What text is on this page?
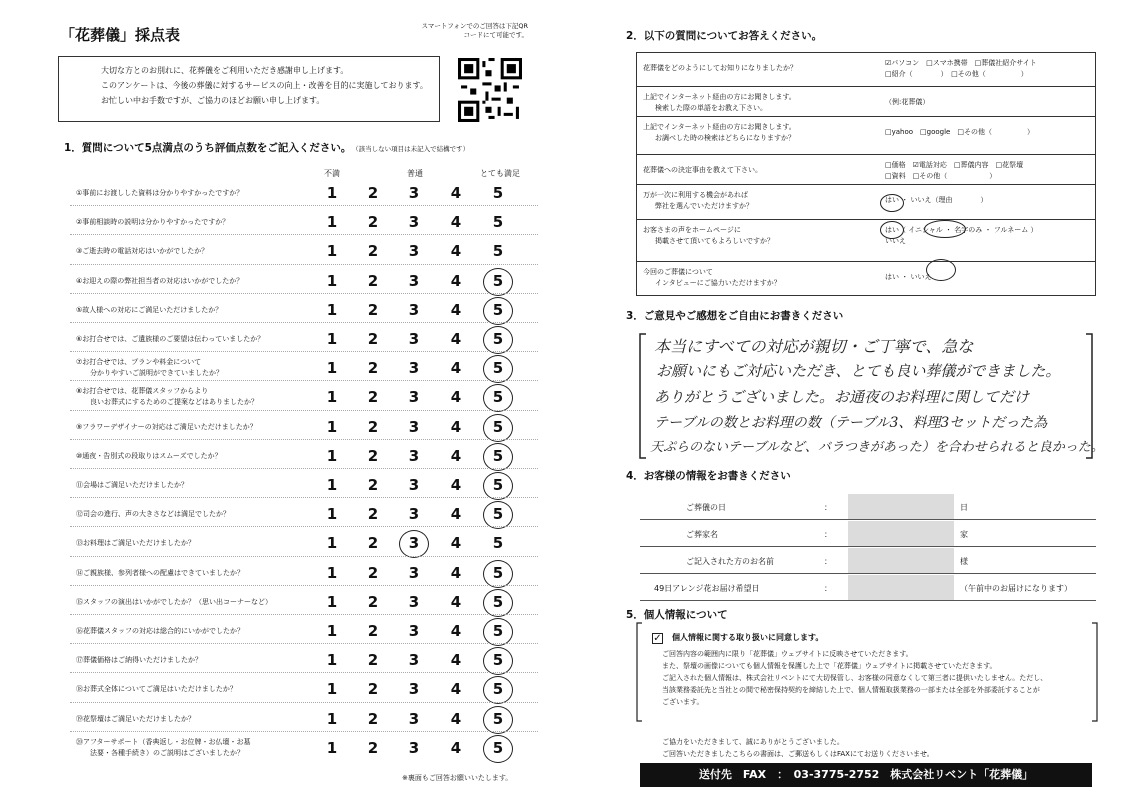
「花葬儀」採点表	スマートフォンでのご回答は下記QRコードにて可能です。
大切な方とのお別れに、花葬儀をご利用いただき感謝申し上げます。
このアンケートは、今後の葬儀に対するサービスの向上・改善を目的に実施しております。
お忙しい中お手数ですが、ご協力のほどお願い申し上げます。
1．質問について5点満点のうち評価点数をご記入ください。 （該当しない項目は未記入で結構です）
不満	普通	とても満足
①事前にお渡しした資料は分かりやすかったですか？	1	2	3	4	5
②事前相談時の説明は分かりやすかったですか？	1	2	3	4	5
③ご逝去時の電話対応はいかがでしたか？	1	2	3	4	5
④お迎えの際の弊社担当者の対応はいかがでしたか？	1	2	3	4	5
⑤故人様への対応にご満足いただけましたか？	1	2	3	4	5
⑥お打合せでは、ご遺族様のご要望は伝わっていましたか？	1	2	3	4	5
⑦お打合せでは、プランや料金について
分かりやすいご説明ができていましたか？	1	2	3	4	5
⑧お打合せでは、花葬儀スタッフからより
良いお葬式にするためのご提案などはありましたか？	1	2	3	4	5
⑨フラワーデザイナーの対応はご満足いただけましたか？	1	2	3	4	5
⑩通夜・告別式の段取りはスムーズでしたか？	1	2	3	4	5
⑪会場はご満足いただけましたか？	1	2	3	4	5
⑫司会の進行、声の大きさなどは満足でしたか？	1	2	3	4	5
⑬お料理はご満足いただけましたか？	1	2	3	4	5
⑭ご親族様、参列者様への配慮はできていましたか？	1	2	3	4	5
⑮スタッフの演出はいかがでしたか？（思い出コーナーなど）	1	2	3	4	5
⑯花葬儀スタッフの対応は総合的にいかがでしたか？	1	2	3	4	5
⑰葬儀価格はご納得いただけましたか？	1	2	3	4	5
⑱お葬式全体についてご満足はいただけましたか？	1	2	3	4	5
⑲花祭壇はご満足いただけましたか？	1	2	3	4	5
⑳アフターサポート（香典返し・お位牌・お仏壇・お墓
法要・各種手続き）のご説明はございましたか？	1	2	3	4	5
※裏面もご回答お願いいたします。
2．以下の質問についてお答えください。
花葬儀をどのようにしてお知りになりましたか？
☑パソコン　□スマホ携帯　□葬儀社紹介サイト
□紹介（　　　　）　□その他（　　　　　）
上記でインターネット経由の方にお聞きします。
検索した際の単語をお教え下さい。
（例:花葬儀）
上記でインターネット経由の方にお聞きします。
お調べした時の検索はどちらになりますか？
□yahoo　□google　□その他（　　　　　）
花葬儀への決定事由を教えて下さい。
□価格　☑電話対応　□葬儀内容　□花祭壇
□資料　□その他（　　　　　　）
万が一次に利用する機会があれば
弊社を選んでいただけますか？
はい ・ いいえ（理由　　　　）
お客さまの声をホームページに
掲載させて頂いてもよろしいですか？
はい（ イニシャル ・ 名字のみ ・ フルネーム ）
いいえ
今回のご葬儀について
インタビューにご協力いただけますか？
はい ・ いいえ
3．ご意見やご感想をご自由にお書きください
本当にすべての対応が親切・ご丁寧で、急な
お願いにもご対応いただき、とても良い葬儀ができました。
ありがとうございました。お通夜のお料理に関してだけ
テーブルの数とお料理の数（テーブル3、料理3セットだった為
天ぷらのないテーブルなど、バラつきがあった）を合わせられると良かった。
4．お客様の情報をお書きください
ご葬儀の日	：	日
ご葬家名	：	家
ご記入された方のお名前	：	様
49日アレンジ花お届け希望日	：	（午前中のお届けになります）
5．個人情報について
✓ 個人情報に関する取り扱いに同意します。
ご回答内容の範囲内に限り「花葬儀」ウェブサイトに反映させていただきます。
また、祭壇の画像についても個人情報を保護した上で「花葬儀」ウェブサイトに掲載させていただきます。
ご記入された個人情報は、株式会社リベントにて大切保管し、お客様の同意なくして第三者に提供いたしません。ただし、
当該業務委託先と当社との間で秘密保持契約を締結した上で、個人情報取扱業務の一部または全部を外部委託することが
ございます。
ご協力をいただきまして、誠にありがとうございました。
ご回答いただきましたこちらの書面は、ご郵送もしくはFAXにてお送りくださいませ。
送付先　FAX　：　03-3775-2752　株式会社リベント「花葬儀」
